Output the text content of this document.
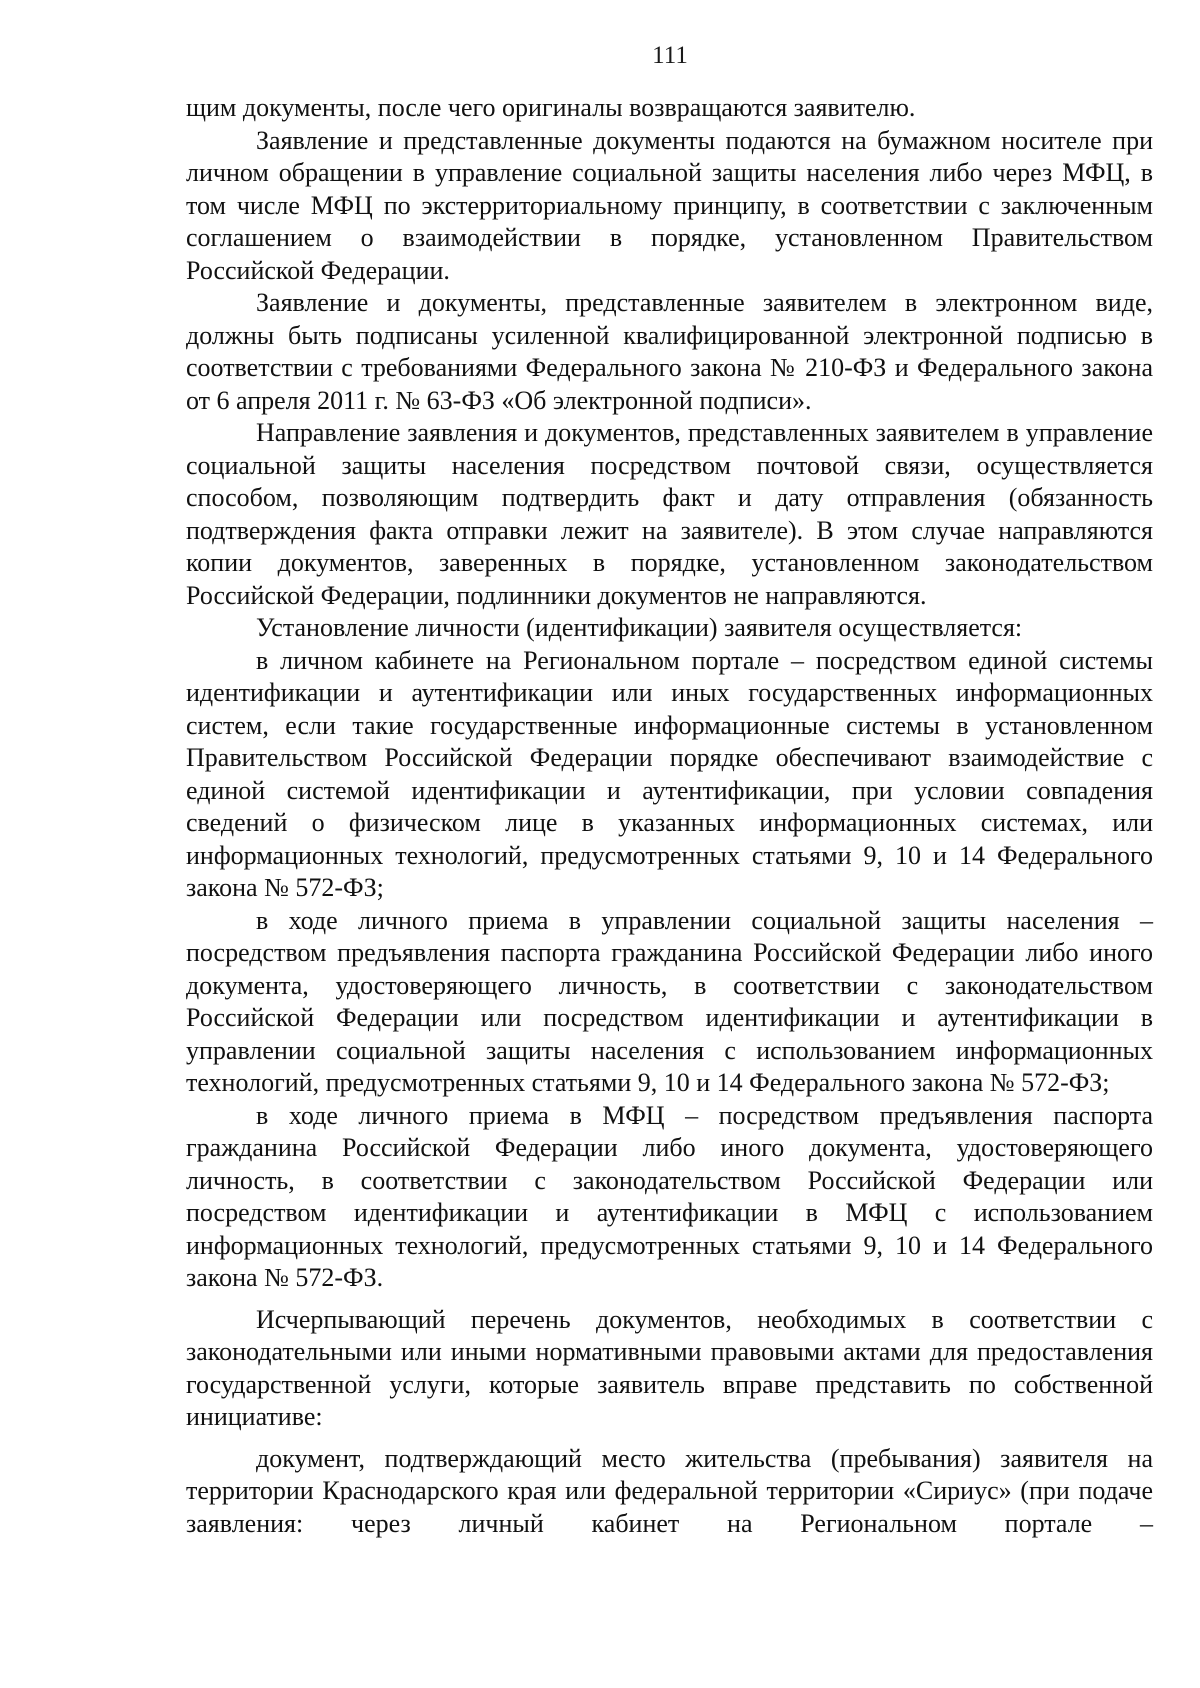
111

щим документы, после чего оригиналы возвращаются заявителю.

Заявление и представленные документы подаются на бумажном носителе при личном обращении в управление социальной защиты населения либо через МФЦ, в том числе МФЦ по экстерриториальному принципу, в соответствии с заключенным соглашением о взаимодействии в порядке, установленном Правительством Российской Федерации.

Заявление и документы, представленные заявителем в электронном виде, должны быть подписаны усиленной квалифицированной электронной подписью в соответствии с требованиями Федерального закона № 210-ФЗ и Федерального закона от 6 апреля 2011 г. № 63-ФЗ «Об электронной подписи».

Направление заявления и документов, представленных заявителем в управление социальной защиты населения посредством почтовой связи, осуществляется способом, позволяющим подтвердить факт и дату отправления (обязанность подтверждения факта отправки лежит на заявителе). В этом случае направляются копии документов, заверенных в порядке, установленном законодательством Российской Федерации, подлинники документов не направляются.

Установление личности (идентификации) заявителя осуществляется:

в личном кабинете на Региональном портале – посредством единой системы идентификации и аутентификации или иных государственных информационных систем, если такие государственные информационные системы в установленном Правительством Российской Федерации порядке обеспечивают взаимодействие с единой системой идентификации и аутентификации, при условии совпадения сведений о физическом лице в указанных информационных системах, или информационных технологий, предусмотренных статьями 9, 10 и 14 Федерального закона № 572-ФЗ;

в ходе личного приема в управлении социальной защиты населения – посредством предъявления паспорта гражданина Российской Федерации либо иного документа, удостоверяющего личность, в соответствии с законодательством Российской Федерации или посредством идентификации и аутентификации в управлении социальной защиты населения с использованием информационных технологий, предусмотренных статьями 9, 10 и 14 Федерального закона № 572-ФЗ;

в ходе личного приема в МФЦ – посредством предъявления паспорта гражданина Российской Федерации либо иного документа, удостоверяющего личность, в соответствии с законодательством Российской Федерации или посредством идентификации и аутентификации в МФЦ с использованием информационных технологий, предусмотренных статьями 9, 10 и 14 Федерального закона № 572-ФЗ.

Исчерпывающий перечень документов, необходимых в соответствии с законодательными или иными нормативными правовыми актами для предоставления государственной услуги, которые заявитель вправе представить по собственной инициативе:

документ, подтверждающий место жительства (пребывания) заявителя на территории Краснодарского края или федеральной территории «Сириус» (при подаче заявления: через личный кабинет на Региональном портале –
